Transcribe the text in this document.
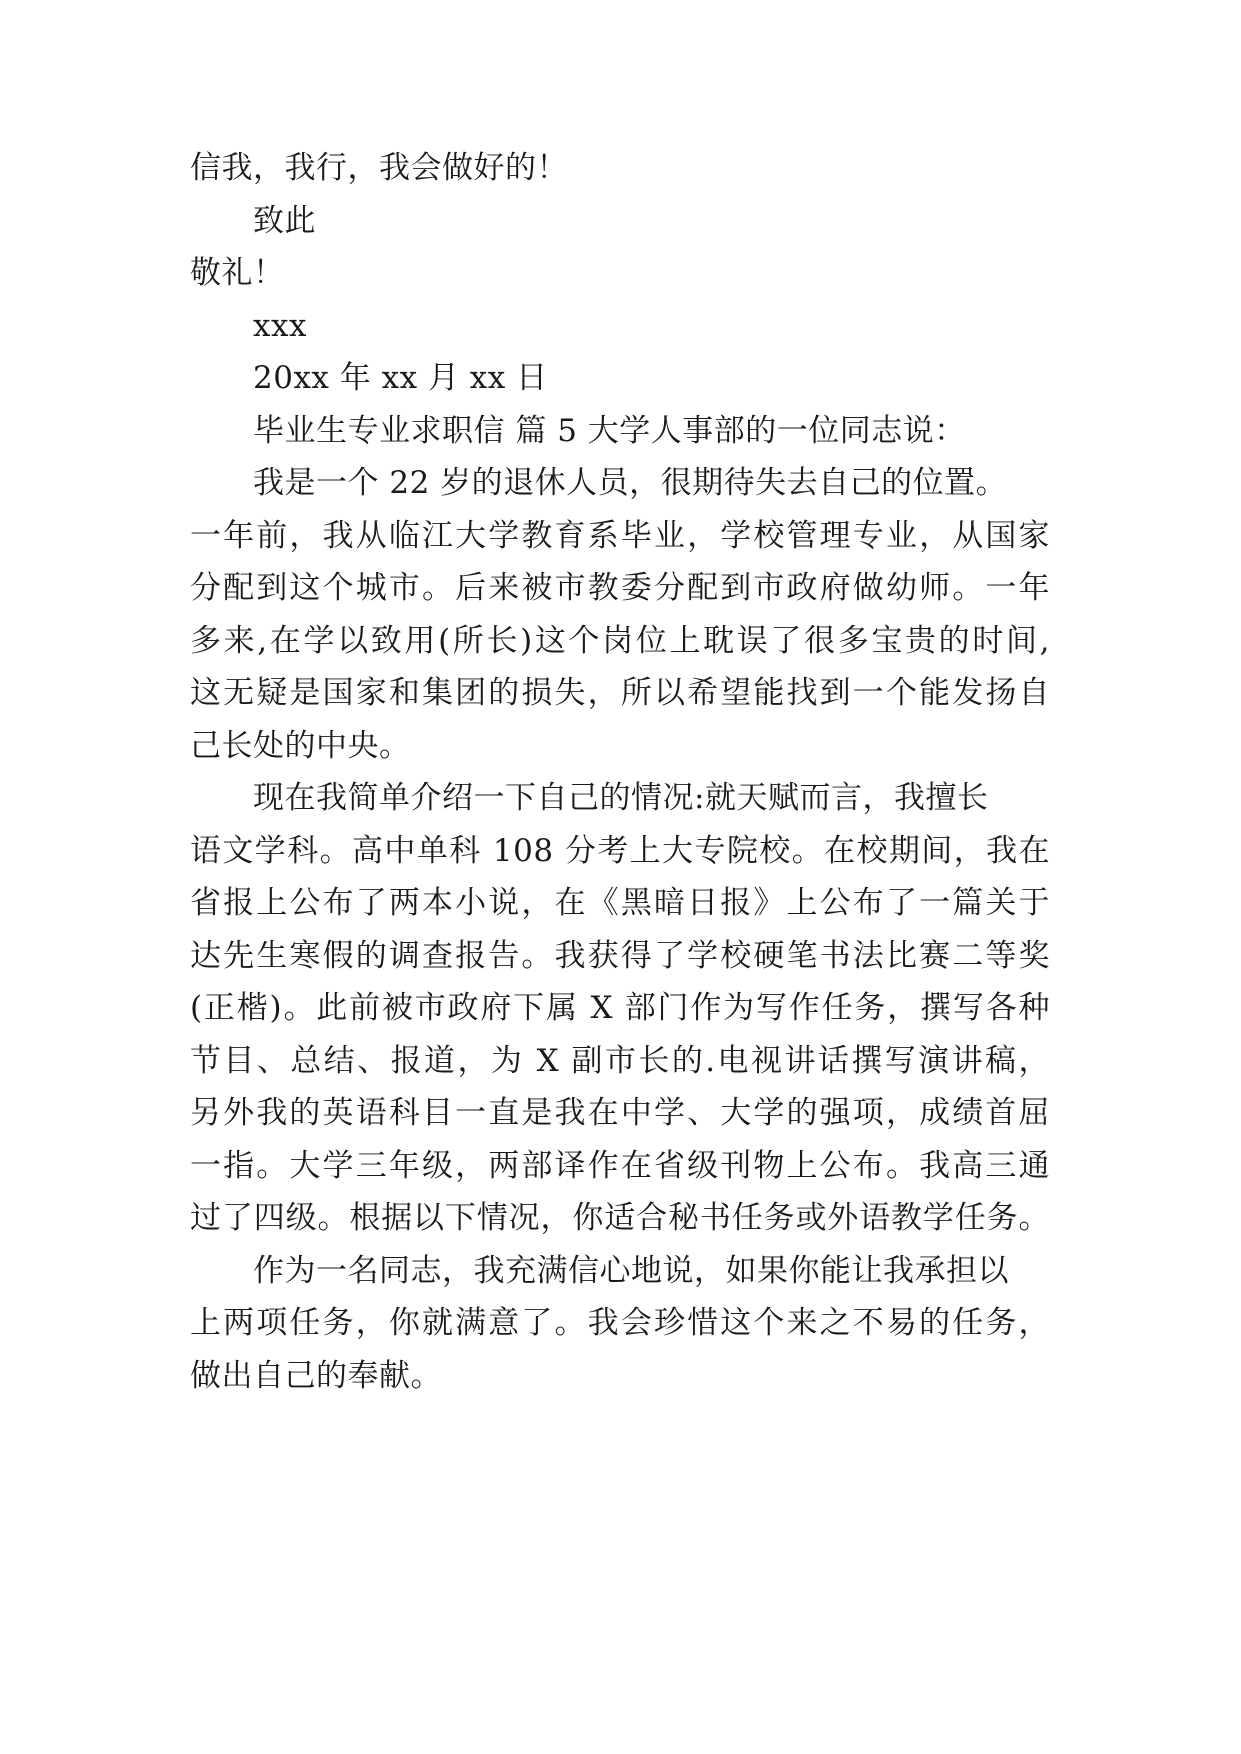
信我，我行，我会做好的！
致此
敬礼！
xxx
20xx 年 xx 月 xx 日
毕业生专业求职信 篇 5 大学人事部的一位同志说：
我是一个 22 岁的退休人员，很期待失去自己的位置。
一年前，我从临江大学教育系毕业，学校管理专业，从国家
分配到这个城市。后来被市教委分配到市政府做幼师。一年
多来,在学以致用(所长)这个岗位上耽误了很多宝贵的时间,
这无疑是国家和集团的损失，所以希望能找到一个能发扬自
己长处的中央。
现在我简单介绍一下自己的情况:就天赋而言，我擅长
语文学科。高中单科 108 分考上大专院校。在校期间，我在
省报上公布了两本小说，在《黑暗日报》上公布了一篇关于
达先生寒假的调查报告。我获得了学校硬笔书法比赛二等奖
(正楷)。此前被市政府下属 X 部门作为写作任务，撰写各种
节目、总结、报道，为 X 副市长的.电视讲话撰写演讲稿，
另外我的英语科目一直是我在中学、大学的强项，成绩首屈
一指。大学三年级，两部译作在省级刊物上公布。我高三通
过了四级。根据以下情况，你适合秘书任务或外语教学任务。
作为一名同志，我充满信心地说，如果你能让我承担以
上两项任务，你就满意了。我会珍惜这个来之不易的任务，
做出自己的奉献。
